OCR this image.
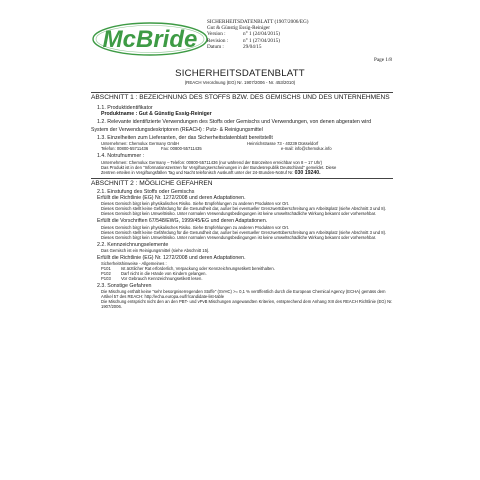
McBride
SICHERHEITSDATENBLATT (1907/2006/EG)
Gut & Günstig Essig-Reiniger
Version :	n° 1 (24/04/2015)
Revision :	n° 1 (27/04/2015)
Datum :	29/04/15
Page 1/8
SICHERHEITSDATENBLATT
(REACH Verordnung (EG) Nr. 1907/2006 - Nr. 453/2010)
ABSCHNITT 1 : BEZEICHNUNG DES STOFFS BZW. DES GEMISCHS UND DES UNTERNEHMENS
1.1. Produktidentifikator
Produktname : Gut & Günstig Essig-Reiniger
1.2. Relevante identifizierte Verwendungen des Stoffs oder Gemischs und Verwendungen, von denen abgeraten wird
System der Verwendungsdeskriptoren (REACH) : Putz- & Reinigungsmittel
1.3. Einzelheiten zum Lieferanten, der das Sicherheitsdatenblatt bereitstellt
Unternehmen: Chemolux Germany GmbH	Heinrichstrasse 73 - 40239 Düsseldorf
Telefon: 00800-55711436	Fax: 00800-55711435	e-mail: info@chemolux.info
1.4. Notrufnummer :
Unternehmen: Chemolux Germany – Telefon: 00800-55711436 (nur während der Bürozeiten erreichbar von 8 – 17 Uhr)
Das Produkt ist in den "Informationszentren für Vergiftungserscheinungen in der Bundesrepublik Deutschland" gemeldet. Diese
Zentren erteilen in Vergiftungsfällen Tag und Nacht telefonisch Auskunft unter der 24-Stunden-Notruf Nr. 030 19240.
ABSCHNITT 2 : MÖGLICHE GEFAHREN
2.1. Einstufung des Stoffs oder Gemischs
Erfüllt die Richtlinie (EG) Nr. 1272/2008 und deren Adaptationen.
Dieses Gemisch birgt kein physikalisches Risiko. Siehe Empfehlungen zu anderen Produkten vor Ort.
Dieses Gemisch stellt keine Gefährdung für die Gesundheit dar, außer bei eventueller Grenzwertüberschreitung am Arbeitsplatz (siehe Abschnitt 3 und 8).
Dieses Gemisch birgt kein Umweltrisiko. Unter normalen Verwendungsbedingungen ist keine umweltschädliche Wirkung bekannt oder vorhersehbar.
Erfüllt die Vorschriften 67/548/EWG, 1999/45/EG und deren Adaptationen.
Dieses Gemisch birgt kein physikalisches Risiko. Siehe Empfehlungen zu anderen Produkten vor Ort.
Dieses Gemisch stellt keine Gefährdung für die Gesundheit dar, außer bei eventueller Grenzwertüberschreitung am Arbeitsplatz (siehe Abschnitt 3 und 8).
Dieses Gemisch birgt kein Umweltrisiko. Unter normalen Verwendungsbedingungen ist keine umweltschädliche Wirkung bekannt oder vorhersehbar.
2.2. Kennzeichnungselemente
Das Gemisch ist ein Reinigungsmittel (siehe Abschnitt 15).
Erfüllt die Richtlinie (EG) Nr. 1272/2008 und deren Adaptationen.
Sicherheitshinweise - Allgemeines :
P101	Ist ärztlicher Rat erforderlich, Verpackung oder Kennzeichnungsetikett bereithalten.
P102	Darf nicht in die Hände von Kindern gelangen.
P103	Vor Gebrauch Kennzeichnungsetikett lesen.
2.3. Sonstige Gefahren
Die Mischung enthält keine "sehr besorgniserregenden Stoffe" (SVHC) >= 0,1 % veröffentlich durch die European Chemical Agency (ECHA) gemäss dem Artikel 57 des REACH: http://echa.europa.eu/fr/candidate-list-table
Die Mischung entspricht nicht den an den PBT- und vPvB Mischungen angewandten Kriterien, entsprechend dem Anhang XIII des REACH Richtlinie (EG) Nr. 1907/2006.
